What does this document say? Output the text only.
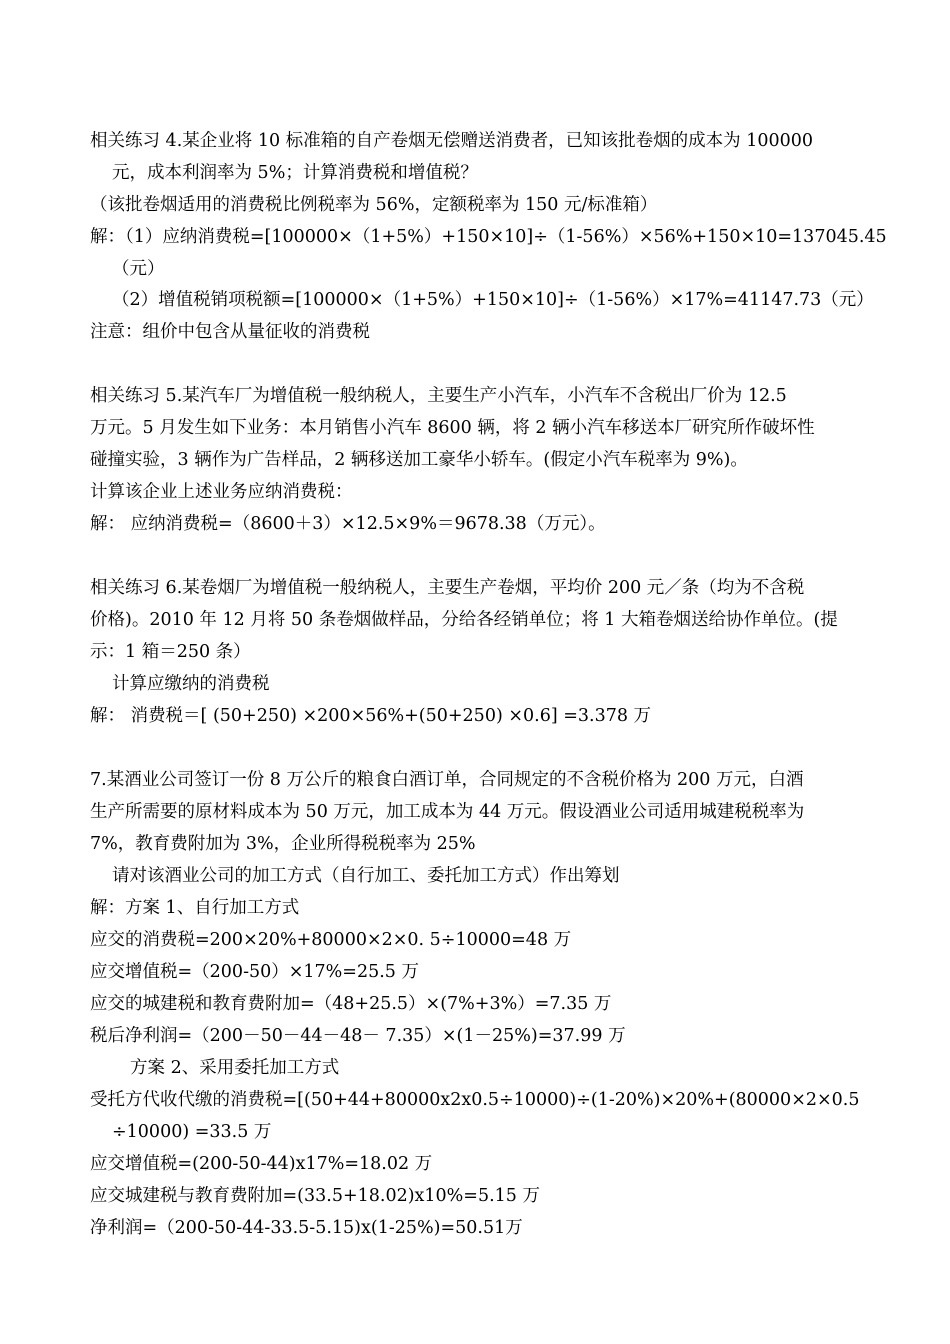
相关练习 4.某企业将 10 标准箱的自产卷烟无偿赠送消费者，已知该批卷烟的成本为 100000
元，成本利润率为 5%；计算消费税和增值税？
（该批卷烟适用的消费税比例税率为 56%，定额税率为 150 元/标准箱）
解：（1）应纳消费税=[100000×（1+5%）+150×10]÷（1-56%）×56%+150×10=137045.45
（元）
（2）增值税销项税额=[100000×（1+5%）+150×10]÷（1-56%）×17%=41147.73（元）
注意：组价中包含从量征收的消费税
相关练习 5.某汽车厂为增值税一般纳税人，主要生产小汽车，小汽车不含税出厂价为 12.5
万元。5 月发生如下业务：本月销售小汽车 8600 辆，将 2 辆小汽车移送本厂研究所作破坏性
碰撞实验，3 辆作为广告样品，2 辆移送加工豪华小轿车。(假定小汽车税率为 9%)。
计算该企业上述业务应纳消费税：
解： 应纳消费税=（8600＋3）×12.5×9%＝9678.38（万元）。
相关练习 6.某卷烟厂为增值税一般纳税人，主要生产卷烟，平均价 200 元／条（均为不含税
价格)。2010 年 12 月将 50 条卷烟做样品，分给各经销单位；将 1 大箱卷烟送给协作单位。(提
示：1 箱＝250 条）
计算应缴纳的消费税
解： 消费税＝[ (50+250) ×200×56%+(50+250) ×0.6] =3.378 万
7.某酒业公司签订一份 8 万公斤的粮食白酒订单，合同规定的不含税价格为 200 万元，白酒
生产所需要的原材料成本为 50 万元，加工成本为 44 万元。假设酒业公司适用城建税税率为
7%，教育费附加为 3%，企业所得税税率为 25%
请对该酒业公司的加工方式（自行加工、委托加工方式）作出筹划
解：方案 1、自行加工方式
应交的消费税=200×20%+80000×2×0. 5÷10000=48 万
应交增值税=（200-50）×17%=25.5 万
应交的城建税和教育费附加=（48+25.5）×(7%+3%）=7.35 万
税后净利润=（200－50－44－48－ 7.35）×(1－25%)=37.99 万
方案 2、采用委托加工方式
受托方代收代缴的消费税=[(50+44+80000x2x0.5÷10000)÷(1-20%)×20%+(80000×2×0.5
÷10000) =33.5 万
应交增值税=(200-50-44)x17%=18.02 万
应交城建税与教育费附加=(33.5+18.02)x10%=5.15 万
净利润=（200-50-44-33.5-5.15)x(1-25%)=50.51万
